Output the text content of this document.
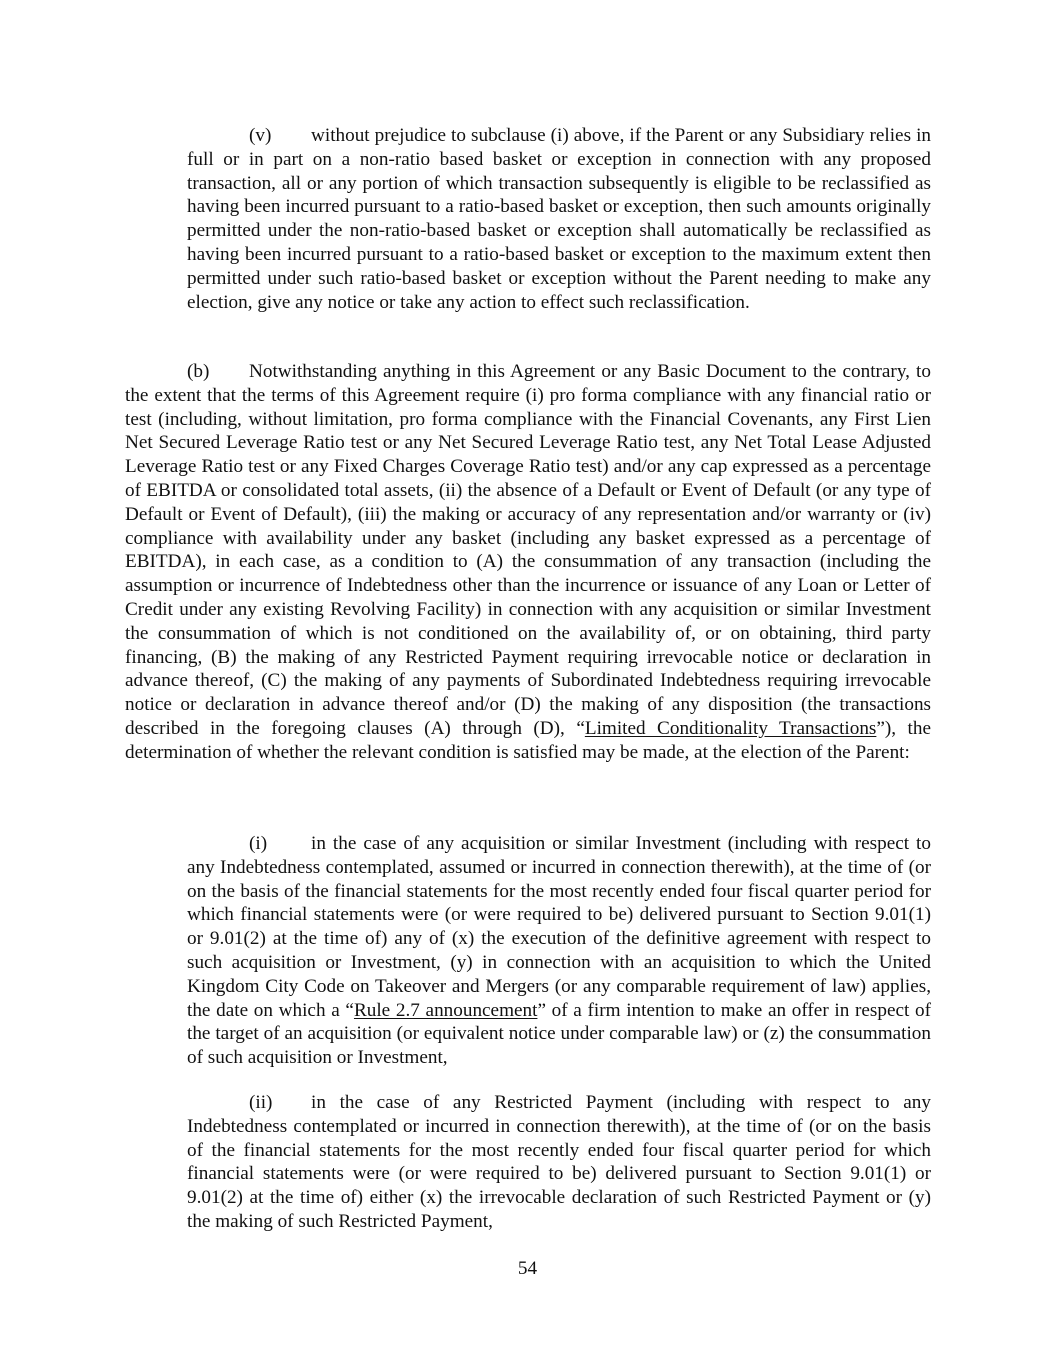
(v) without prejudice to subclause (i) above, if the Parent or any Subsidiary relies in full or in part on a non-ratio based basket or exception in connection with any proposed transaction, all or any portion of which transaction subsequently is eligible to be reclassified as having been incurred pursuant to a ratio-based basket or exception, then such amounts originally permitted under the non-ratio-based basket or exception shall automatically be reclassified as having been incurred pursuant to a ratio-based basket or exception to the maximum extent then permitted under such ratio-based basket or exception without the Parent needing to make any election, give any notice or take any action to effect such reclassification.

(b) Notwithstanding anything in this Agreement or any Basic Document to the contrary, to the extent that the terms of this Agreement require (i) pro forma compliance with any financial ratio or test (including, without limitation, pro forma compliance with the Financial Covenants, any First Lien Net Secured Leverage Ratio test or any Net Secured Leverage Ratio test, any Net Total Lease Adjusted Leverage Ratio test or any Fixed Charges Coverage Ratio test) and/or any cap expressed as a percentage of EBITDA or consolidated total assets, (ii) the absence of a Default or Event of Default (or any type of Default or Event of Default), (iii) the making or accuracy of any representation and/or warranty or (iv) compliance with availability under any basket (including any basket expressed as a percentage of EBITDA), in each case, as a condition to (A) the consummation of any transaction (including the assumption or incurrence of Indebtedness other than the incurrence or issuance of any Loan or Letter of Credit under any existing Revolving Facility) in connection with any acquisition or similar Investment the consummation of which is not conditioned on the availability of, or on obtaining, third party financing, (B) the making of any Restricted Payment requiring irrevocable notice or declaration in advance thereof, (C) the making of any payments of Subordinated Indebtedness requiring irrevocable notice or declaration in advance thereof and/or (D) the making of any disposition (the transactions described in the foregoing clauses (A) through (D), “Limited Conditionality Transactions”), the determination of whether the relevant condition is satisfied may be made, at the election of the Parent:

(i) in the case of any acquisition or similar Investment (including with respect to any Indebtedness contemplated, assumed or incurred in connection therewith), at the time of (or on the basis of the financial statements for the most recently ended four fiscal quarter period for which financial statements were (or were required to be) delivered pursuant to Section 9.01(1) or 9.01(2) at the time of) any of (x) the execution of the definitive agreement with respect to such acquisition or Investment, (y) in connection with an acquisition to which the United Kingdom City Code on Takeover and Mergers (or any comparable requirement of law) applies, the date on which a “Rule 2.7 announcement” of a firm intention to make an offer in respect of the target of an acquisition (or equivalent notice under comparable law) or (z) the consummation of such acquisition or Investment,

(ii) in the case of any Restricted Payment (including with respect to any Indebtedness contemplated or incurred in connection therewith), at the time of (or on the basis of the financial statements for the most recently ended four fiscal quarter period for which financial statements were (or were required to be) delivered pursuant to Section 9.01(1) or 9.01(2) at the time of) either (x) the irrevocable declaration of such Restricted Payment or (y) the making of such Restricted Payment,

54
